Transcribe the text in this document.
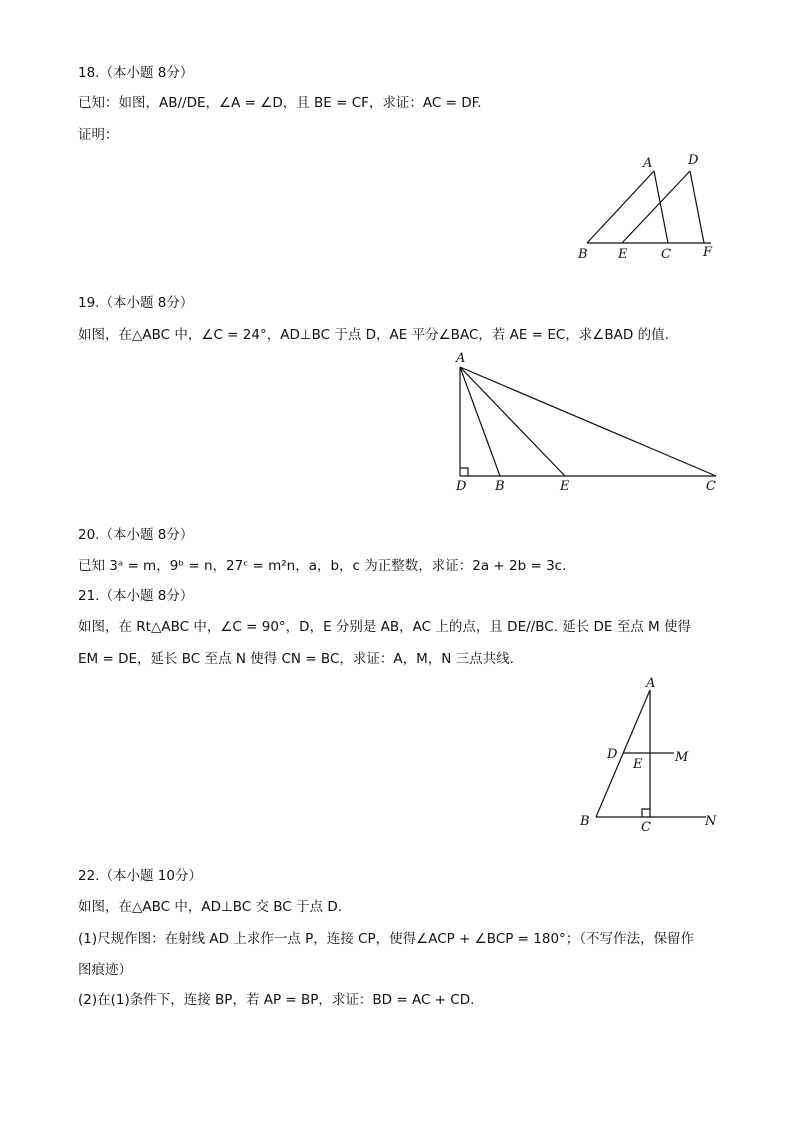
18.（本小题 8分）
已知：如图，AB//DE，∠A = ∠D，且 BE = CF，求证：AC = DF.
证明：
A	D
B E	C F
19.（本小题 8分）
如图，在△ABC 中，∠C = 24°，AD⊥BC 于点 D，AE 平分∠BAC，若 AE = EC，求∠BAD 的值.
A
D B	E	C
20.（本小题 8分）
已知 3ᵃ = m，9ᵇ = n，27ᶜ = m²n，a，b，c 为正整数，求证：2a + 2b = 3c.
21.（本小题 8分）
如图，在 Rt△ABC 中，∠C = 90°，D，E 分别是 AB，AC 上的点，且 DE//BC. 延长 DE 至点 M 使得
EM = DE，延长 BC 至点 N 使得 CN = BC，求证：A，M，N 三点共线.
A
D
E	M
B	C	N
22.（本小题 10分）
如图，在△ABC 中，AD⊥BC 交 BC 于点 D.
(1)尺规作图：在射线 AD 上求作一点 P，连接 CP，使得∠ACP + ∠BCP = 180°；（不写作法，保留作
图痕迹）
(2)在(1)条件下，连接 BP，若 AP = BP，求证：BD = AC + CD.
